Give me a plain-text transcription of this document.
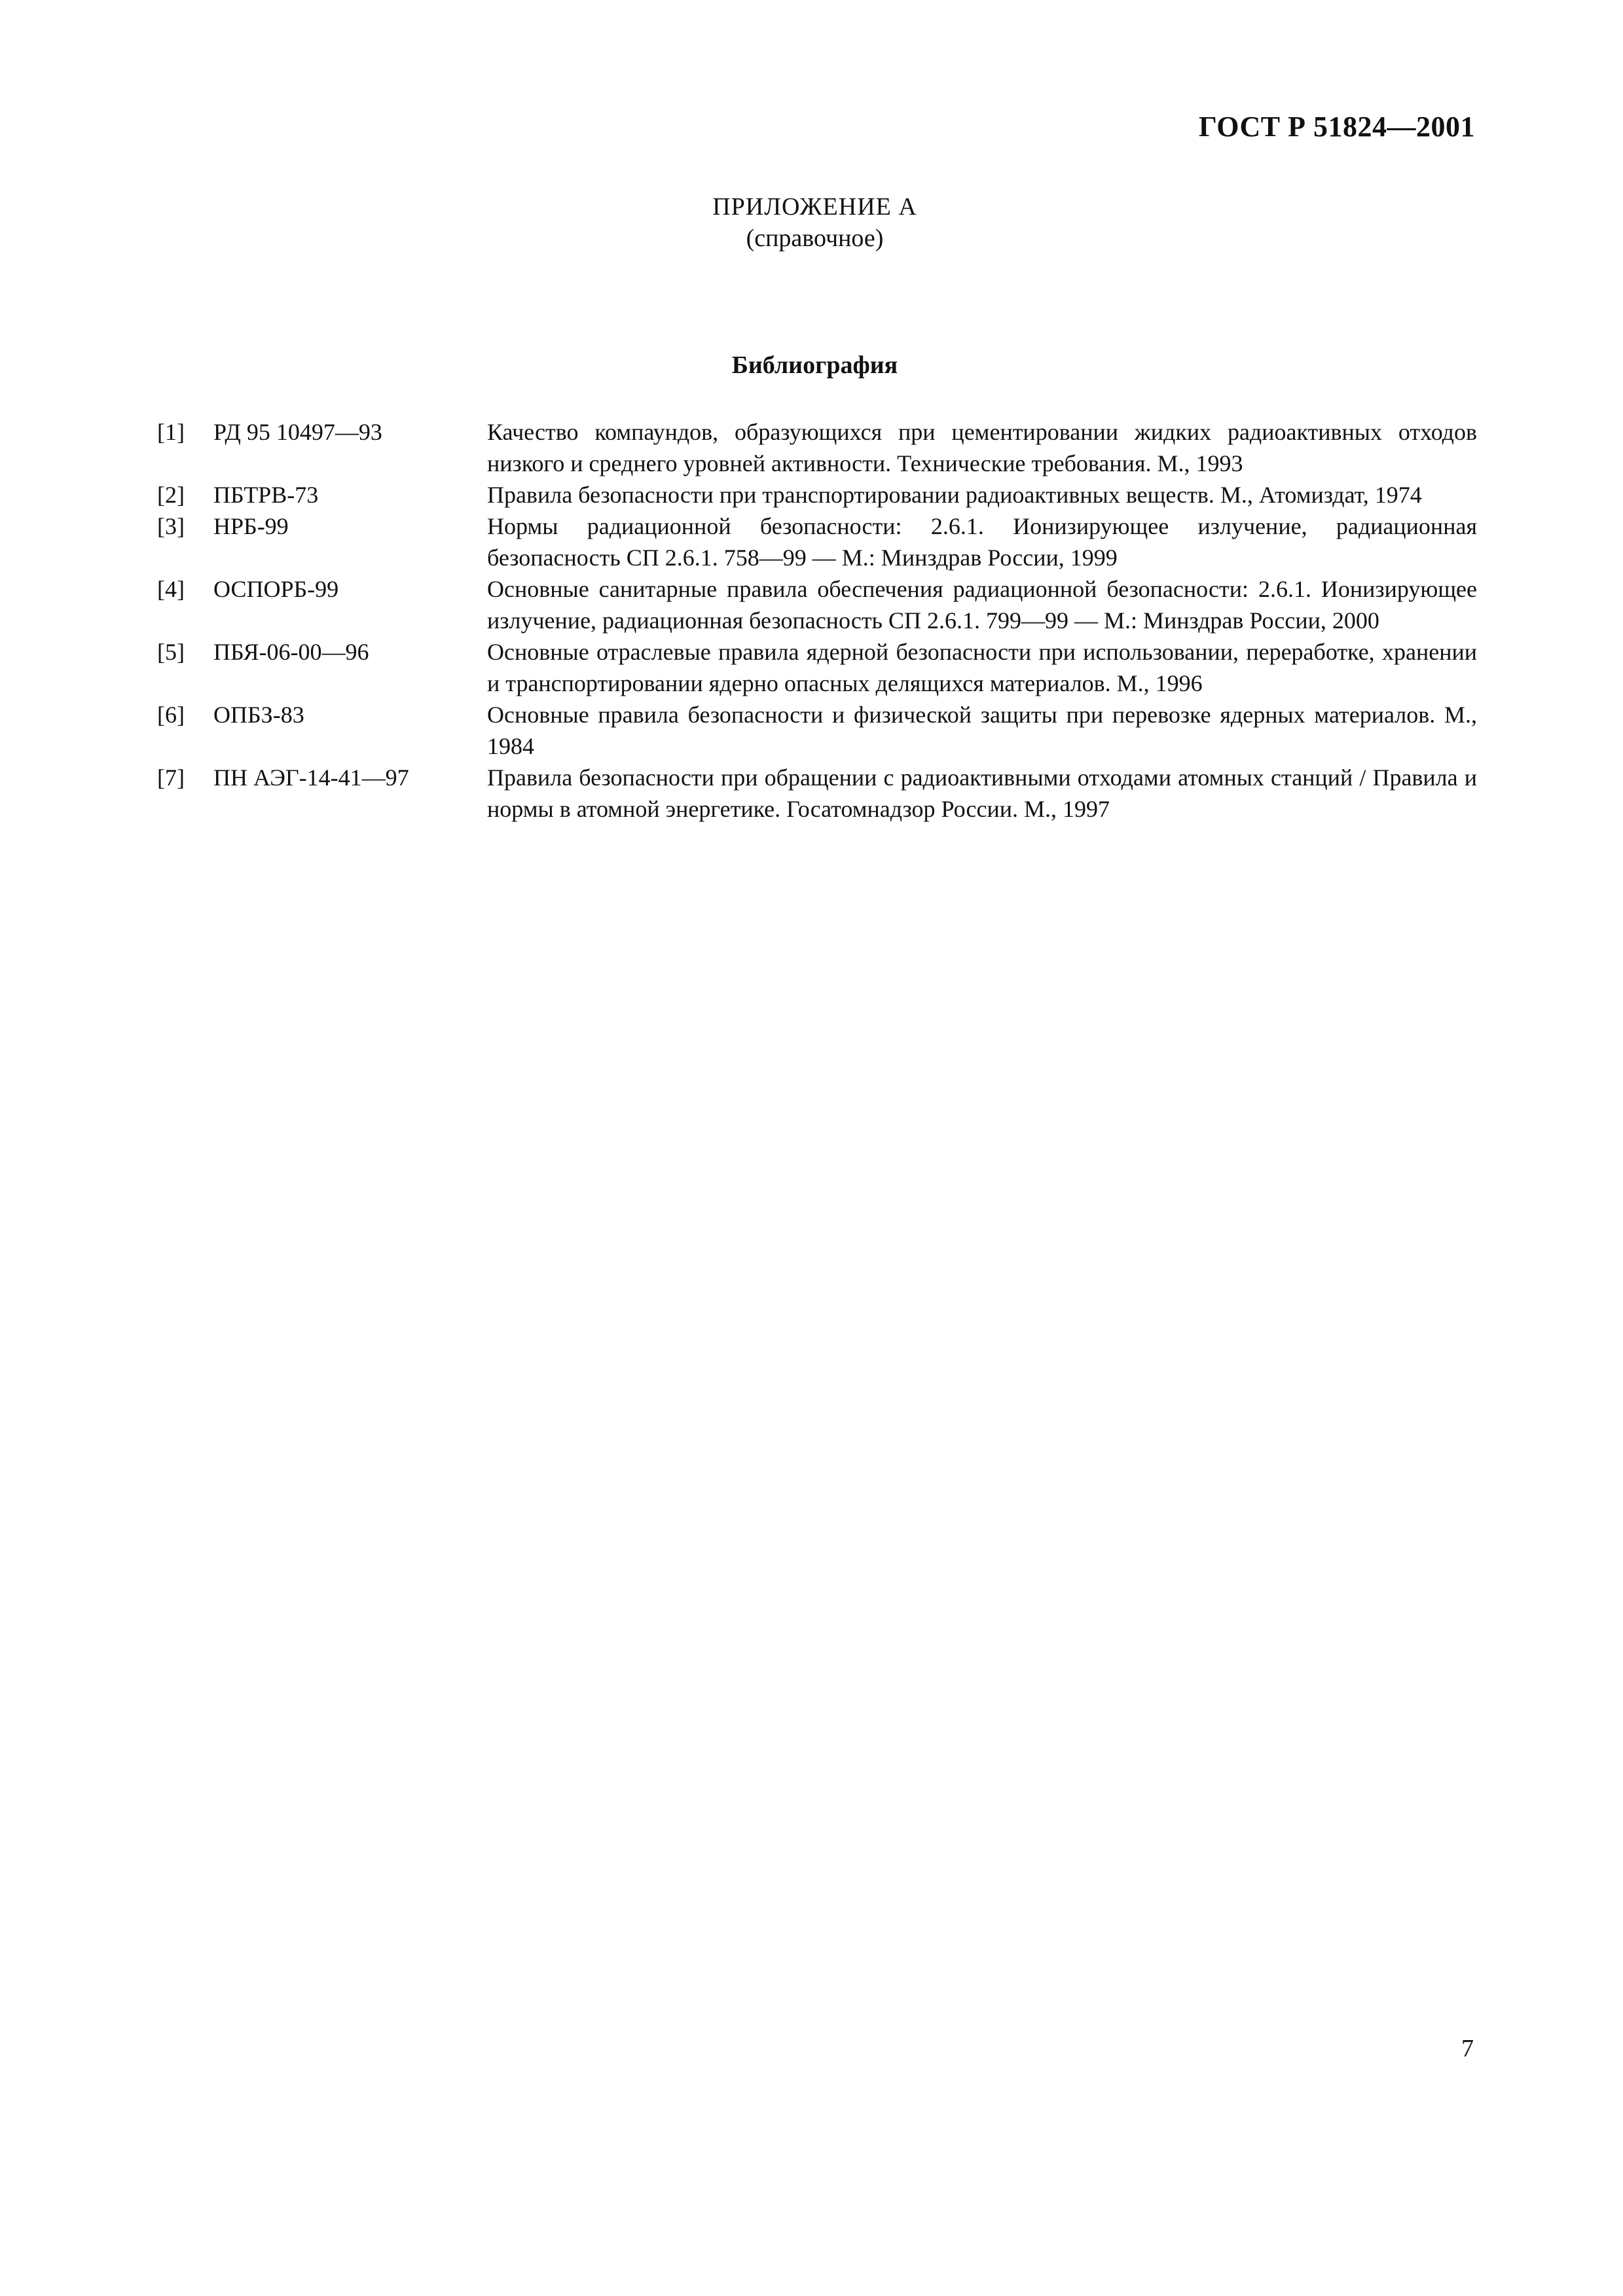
ГОСТ Р 51824—2001
ПРИЛОЖЕНИЕ А
(справочное)
Библиография
[1]	РД 95 10497—93	Качество компаундов, образующихся при цементировании жидких радиоактивных отходов низкого и среднего уровней активности. Технические требования. М., 1993
[2]	ПБТРВ-73	Правила безопасности при транспортировании радиоактивных веществ. М., Атомиздат, 1974
[3]	НРБ-99	Нормы радиационной безопасности: 2.6.1. Ионизирующее излучение, радиационная безопасность СП 2.6.1. 758—99 — М.: Минздрав России, 1999
[4]	ОСПОРБ-99	Основные санитарные правила обеспечения радиационной безопасности: 2.6.1. Ионизирующее излучение, радиационная безопасность СП 2.6.1. 799—99 — М.: Минздрав России, 2000
[5]	ПБЯ-06-00—96	Основные отраслевые правила ядерной безопасности при использовании, переработке, хранении и транспортировании ядерно опасных делящихся материалов. М., 1996
[6]	ОПБЗ-83	Основные правила безопасности и физической защиты при перевозке ядерных материалов. М., 1984
[7]	ПН АЭГ-14-41—97	Правила безопасности при обращении с радиоактивными отходами атомных станций / Правила и нормы в атомной энергетике. Госатомнадзор России. М., 1997
7
